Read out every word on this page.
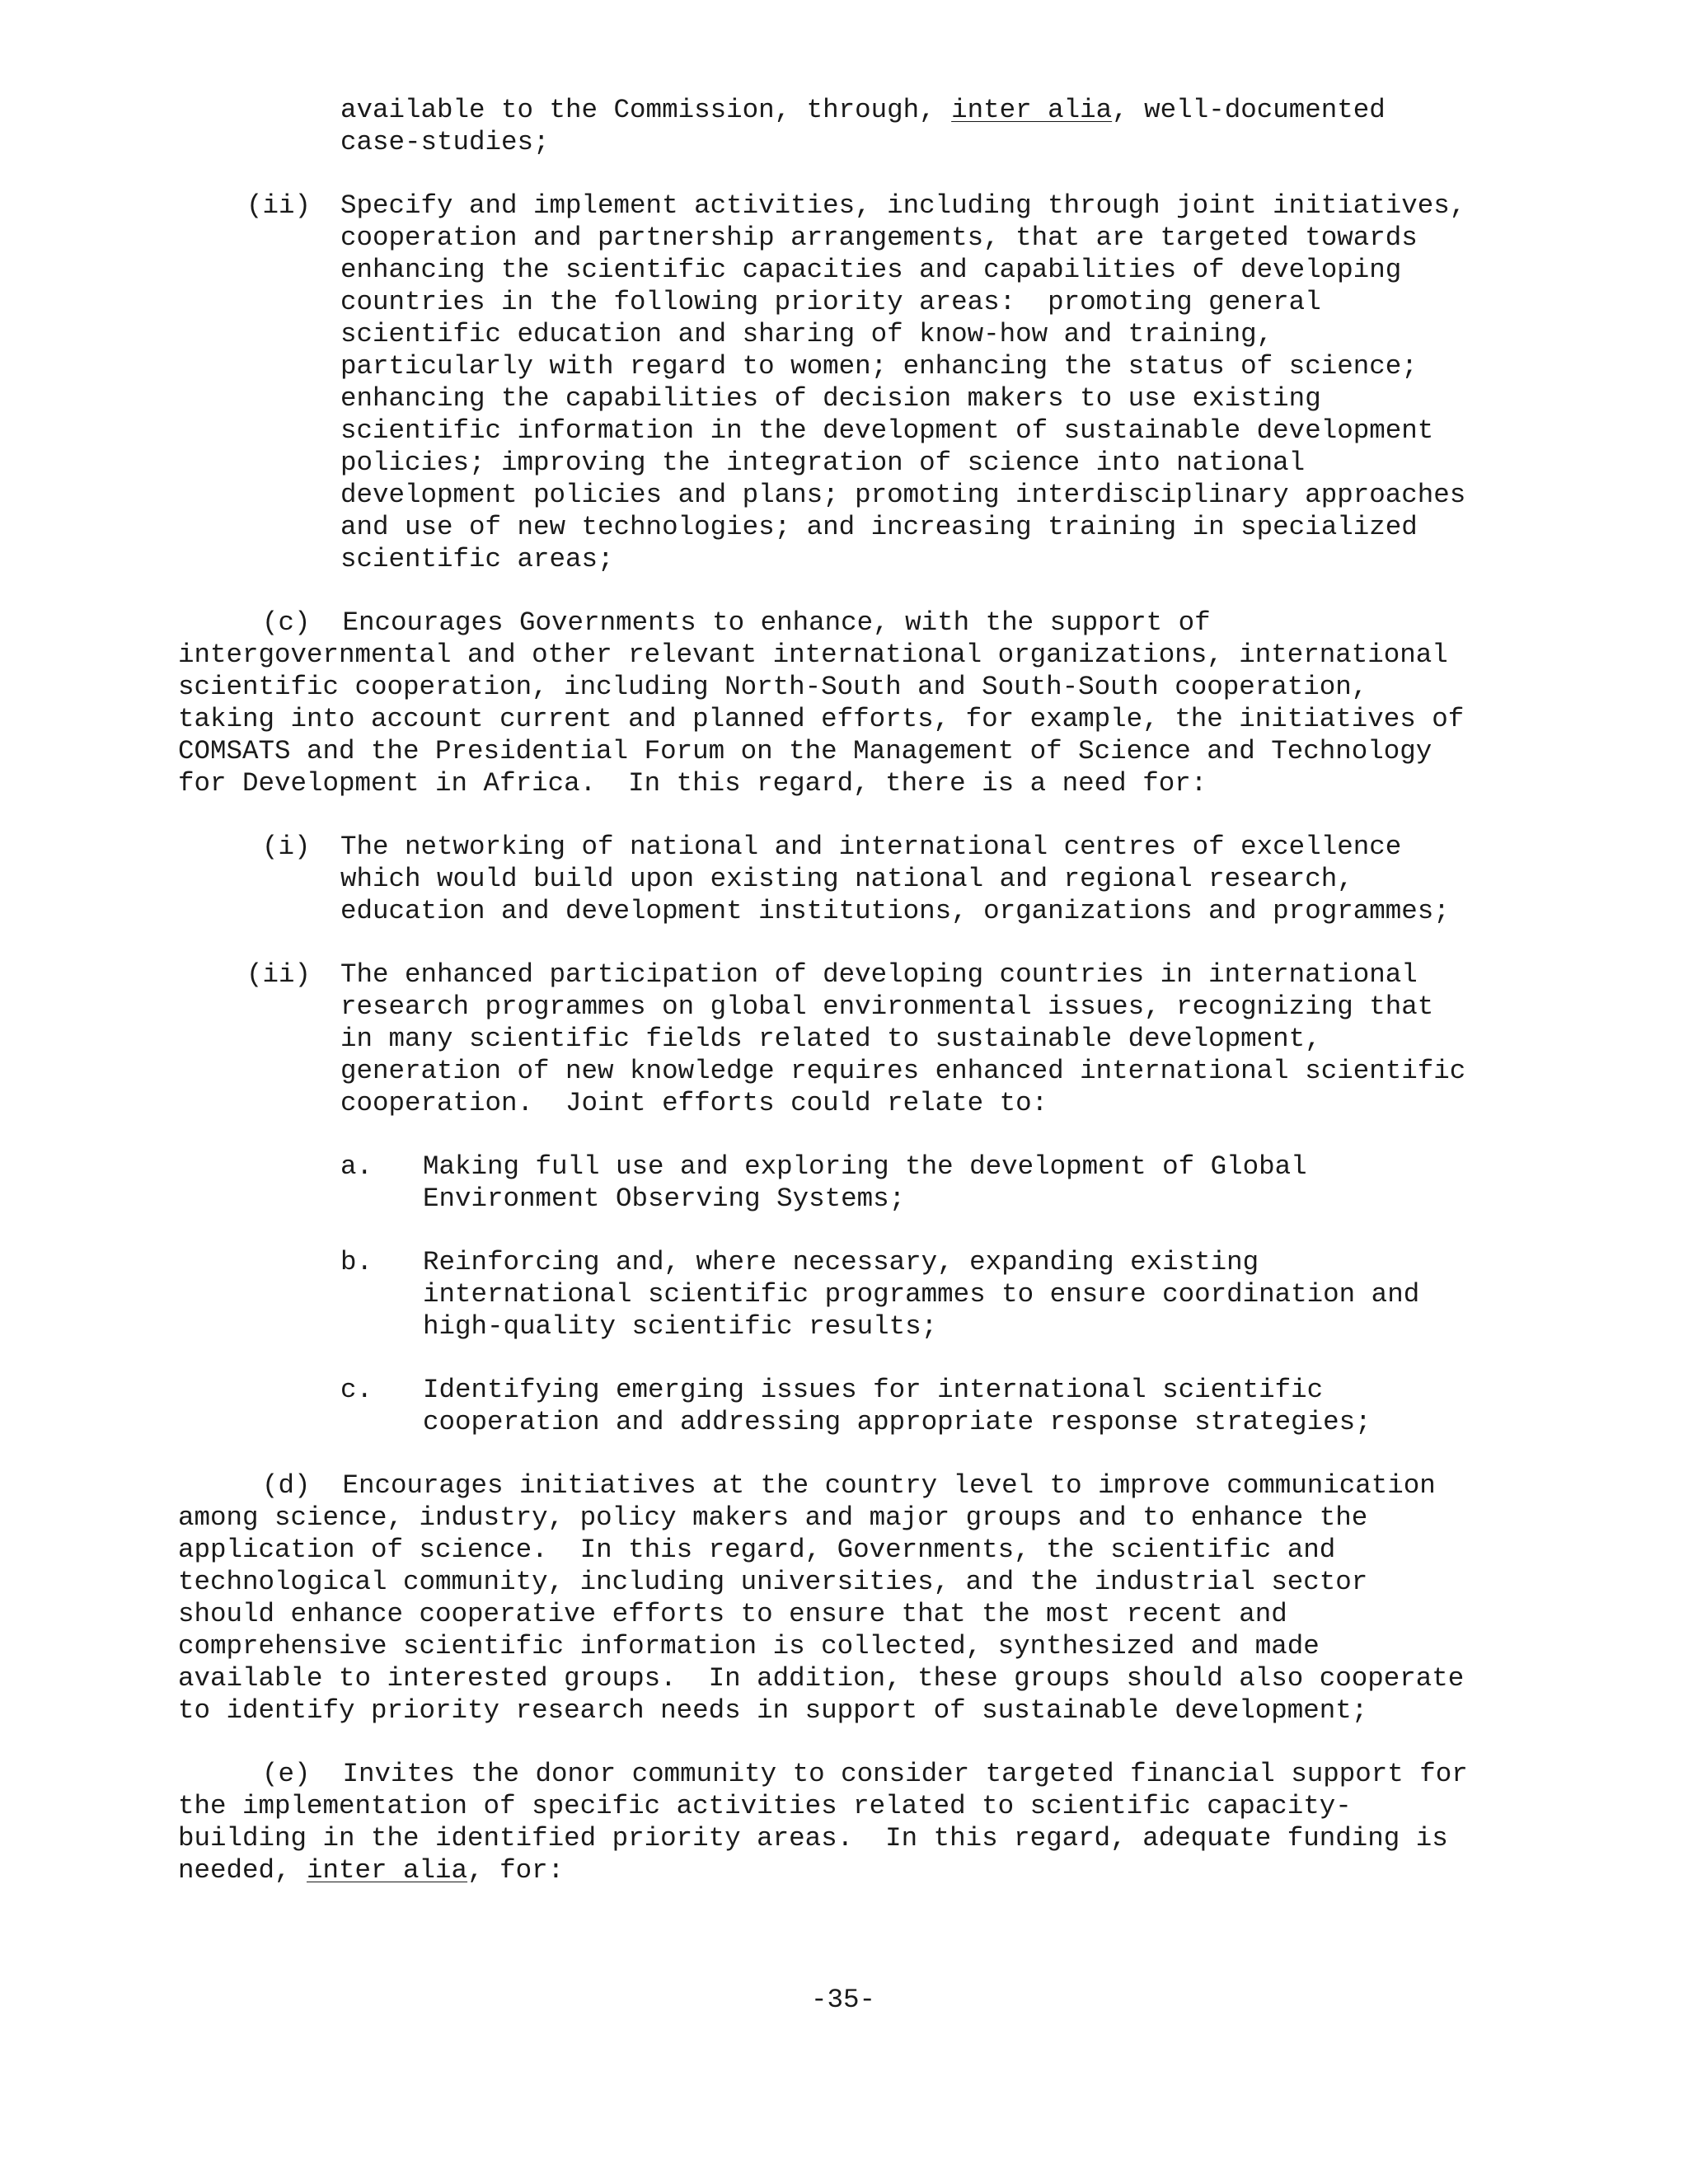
available to the Commission, through, inter alia, well-documented
case-studies;
(ii) Specify and implement activities, including through joint initiatives,
cooperation and partnership arrangements, that are targeted towards
enhancing the scientific capacities and capabilities of developing
countries in the following priority areas:  promoting general
scientific education and sharing of know-how and training,
particularly with regard to women; enhancing the status of science;
enhancing the capabilities of decision makers to use existing
scientific information in the development of sustainable development
policies; improving the integration of science into national
development policies and plans; promoting interdisciplinary approaches
and use of new technologies; and increasing training in specialized
scientific areas;
(c)  Encourages Governments to enhance, with the support of
intergovernmental and other relevant international organizations, international
scientific cooperation, including North-South and South-South cooperation,
taking into account current and planned efforts, for example, the initiatives of
COMSATS and the Presidential Forum on the Management of Science and Technology
for Development in Africa.  In this regard, there is a need for:
(i) The networking of national and international centres of excellence
which would build upon existing national and regional research,
education and development institutions, organizations and programmes;
(ii) The enhanced participation of developing countries in international
research programmes on global environmental issues, recognizing that
in many scientific fields related to sustainable development,
generation of new knowledge requires enhanced international scientific
cooperation.  Joint efforts could relate to:
a. Making full use and exploring the development of Global
Environment Observing Systems;
b. Reinforcing and, where necessary, expanding existing
international scientific programmes to ensure coordination and
high-quality scientific results;
c. Identifying emerging issues for international scientific
cooperation and addressing appropriate response strategies;
(d)  Encourages initiatives at the country level to improve communication
among science, industry, policy makers and major groups and to enhance the
application of science.  In this regard, Governments, the scientific and
technological community, including universities, and the industrial sector
should enhance cooperative efforts to ensure that the most recent and
comprehensive scientific information is collected, synthesized and made
available to interested groups.  In addition, these groups should also cooperate
to identify priority research needs in support of sustainable development;
(e)  Invites the donor community to consider targeted financial support for
the implementation of specific activities related to scientific capacity-
building in the identified priority areas.  In this regard, adequate funding is
needed, inter alia, for:
-35-
